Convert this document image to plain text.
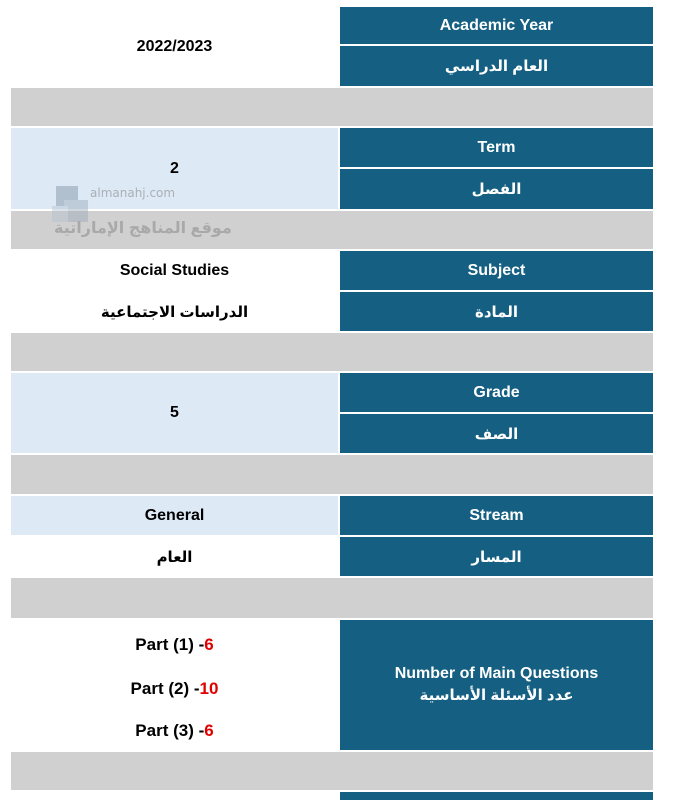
2022/2023
Academic Year
العام الدراسي
2
Term
الفصل
Social Studies
الدراسات الاجتماعية
Subject
المادة
5
Grade
الصف
General
العام
Stream
المسار
Part (1) - 6
Part (2) - 10
Part (3) - 6
Number of Main Questions
عدد الأسئلة الأساسية
almanahj.com
موقع المناهج الإماراتية
